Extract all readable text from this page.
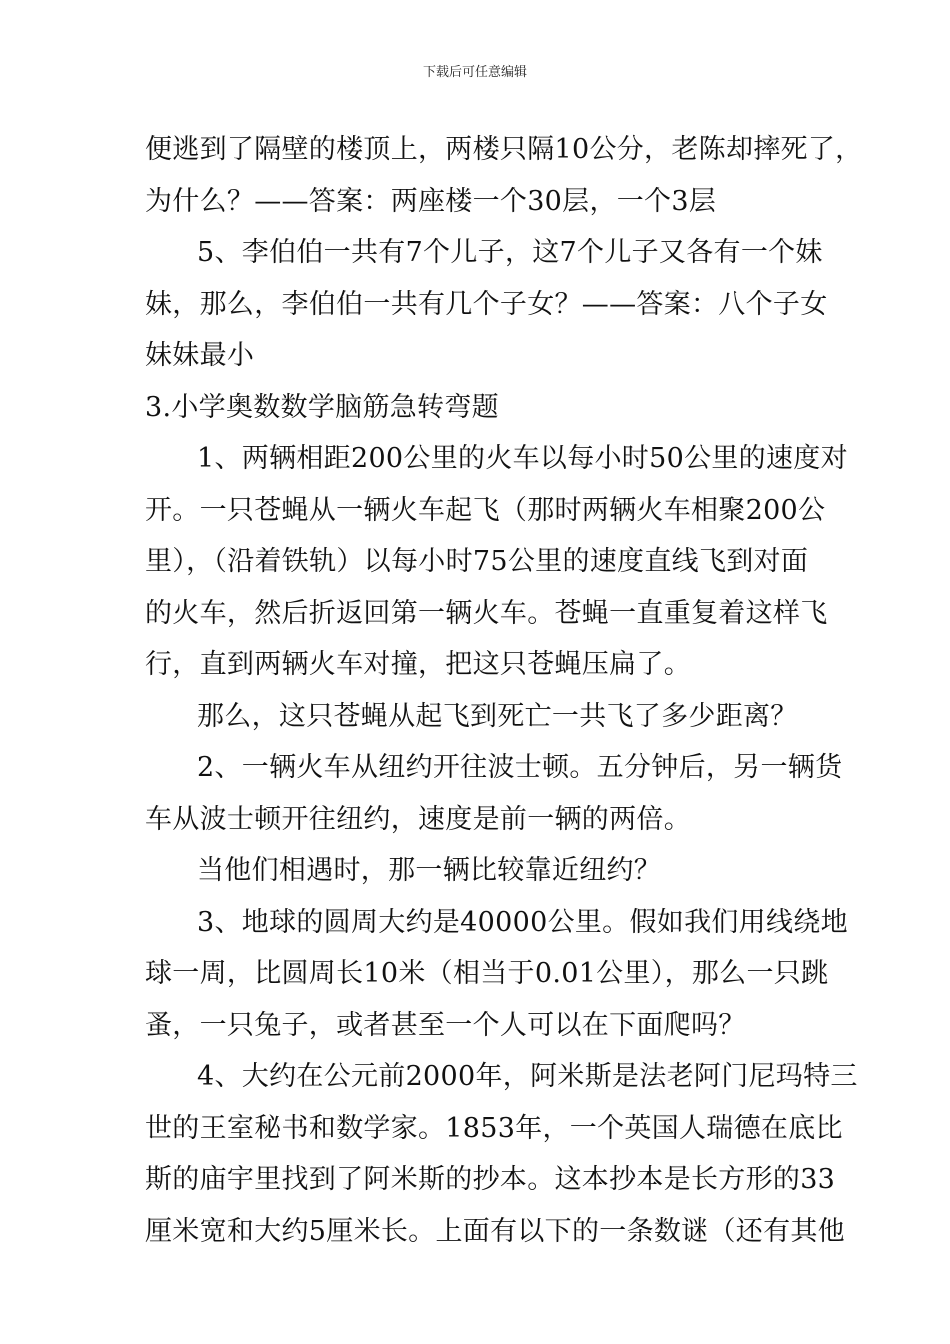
下载后可任意编辑
便逃到了隔壁的楼顶上，两楼只隔10公分，老陈却摔死了，
为什么？——答案：两座楼一个30层，一个3层
5、李伯伯一共有7个儿子，这7个儿子又各有一个妹
妹，那么，李伯伯一共有几个子女？——答案：八个子女
妹妹最小
3.小学奥数数学脑筋急转弯题
1、两辆相距200公里的火车以每小时50公里的速度对
开。一只苍蝇从一辆火车起飞（那时两辆火车相聚200公
里），（沿着铁轨）以每小时75公里的速度直线飞到对面
的火车，然后折返回第一辆火车。苍蝇一直重复着这样飞
行，直到两辆火车对撞，把这只苍蝇压扁了。
那么，这只苍蝇从起飞到死亡一共飞了多少距离？
2、一辆火车从纽约开往波士顿。五分钟后，另一辆货
车从波士顿开往纽约，速度是前一辆的两倍。
当他们相遇时，那一辆比较靠近纽约？
3、地球的圆周大约是40000公里。假如我们用线绕地
球一周，比圆周长10米（相当于0.01公里），那么一只跳
蚤，一只兔子，或者甚至一个人可以在下面爬吗？
4、大约在公元前2000年，阿米斯是法老阿门尼玛特三
世的王室秘书和数学家。1853年，一个英国人瑞德在底比
斯的庙宇里找到了阿米斯的抄本。这本抄本是长方形的33
厘米宽和大约5厘米长。上面有以下的一条数谜（还有其他
